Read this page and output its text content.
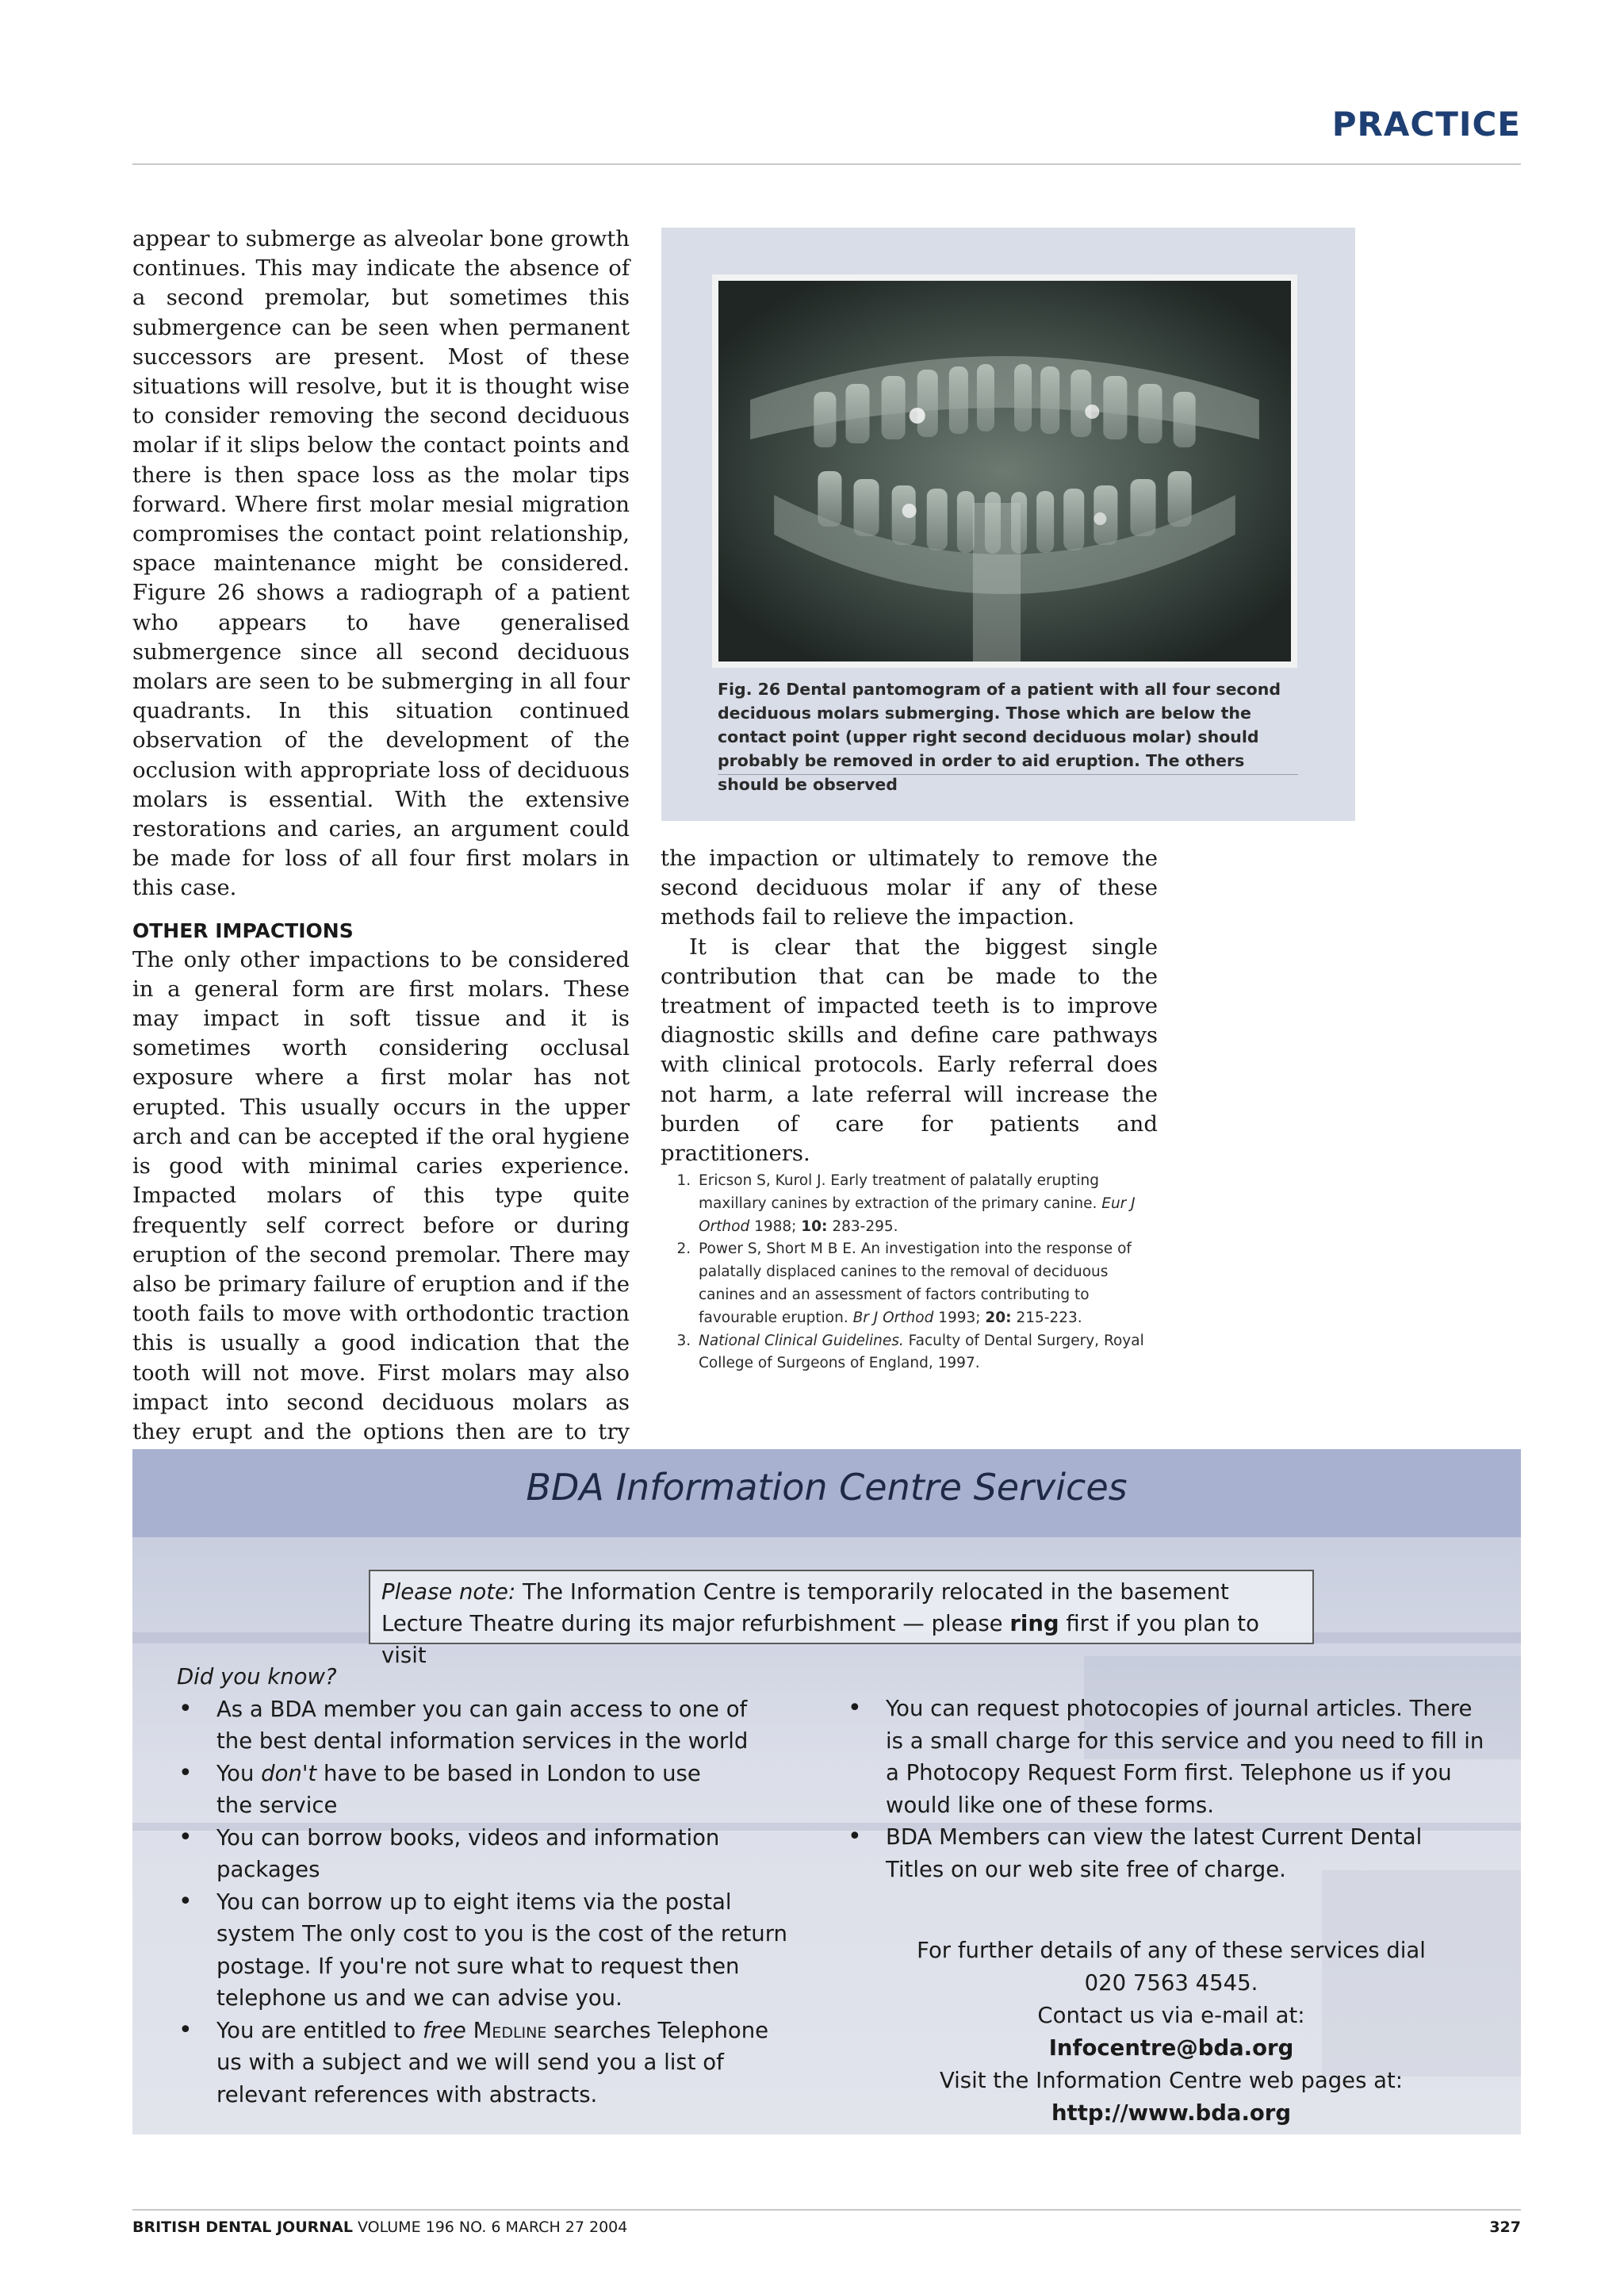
PRACTICE

appear to submerge as alveolar bone growth continues. This may indicate the absence of a second premolar, but sometimes this submergence can be seen when permanent successors are present. Most of these situations will resolve, but it is thought wise to consider removing the second deciduous molar if it slips below the contact points and there is then space loss as the molar tips forward. Where first molar mesial migration compromises the contact point relationship, space maintenance might be considered. Figure 26 shows a radiograph of a patient who appears to have generalised submergence since all second deciduous molars are seen to be submerging in all four quadrants. In this situation continued observation of the development of the occlusion with appropriate loss of deciduous molars is essential. With the extensive restorations and caries, an argument could be made for loss of all four first molars in this case.

OTHER IMPACTIONS

The only other impactions to be considered in a general form are first molars. These may impact in soft tissue and it is sometimes worth considering occlusal exposure where a first molar has not erupted. This usually occurs in the upper arch and can be accepted if the oral hygiene is good with minimal caries experience. Impacted molars of this type quite frequently self correct before or during eruption of the second premolar. There may also be primary failure of eruption and if the tooth fails to move with orthodontic traction this is usually a good indication that the tooth will not move. First molars may also impact into second deciduous molars as they erupt and the options then are to try

Fig. 26 Dental pantomogram of a patient with all four second deciduous molars submerging. Those which are below the contact point (upper right second deciduous molar) should probably be removed in order to aid eruption. The others should be observed

the impaction or ultimately to remove the second deciduous molar if any of these methods fail to relieve the impaction.

It is clear that the biggest single contribution that can be made to the treatment of impacted teeth is to improve diagnostic skills and define care pathways with clinical protocols. Early referral does not harm, a late referral will increase the burden of care for patients and practitioners.

1. Ericson S, Kurol J. Early treatment of palatally erupting maxillary canines by extraction of the primary canine. Eur J Orthod 1988; 10: 283-295.
2. Power S, Short M B E. An investigation into the response of palatally displaced canines to the removal of deciduous canines and an assessment of factors contributing to favourable eruption. Br J Orthod 1993; 20: 215-223.
3. National Clinical Guidelines. Faculty of Dental Surgery, Royal College of Surgeons of England, 1997.
BDA Information Centre Services
Please note: The Information Centre is temporarily relocated in the basement Lecture Theatre during its major refurbishment — please ring first if you plan to visit
Did you know?
• As a BDA member you can gain access to one of the best dental information services in the world
• You don't have to be based in London to use the service
• You can borrow books, videos and information packages
• You can borrow up to eight items via the postal system The only cost to you is the cost of the return postage. If you're not sure what to request then telephone us and we can advise you.
• You are entitled to free Medline searches Telephone us with a subject and we will send you a list of relevant references with abstracts.
• You can request photocopies of journal articles. There is a small charge for this service and you need to fill in a Photocopy Request Form first. Telephone us if you would like one of these forms.
• BDA Members can view the latest Current Dental Titles on our web site free of charge.
For further details of any of these services dial
020 7563 4545.
Contact us via e-mail at:
Infocentre@bda.org
Visit the Information Centre web pages at:
http://www.bda.org
BRITISH DENTAL JOURNAL VOLUME 196 NO. 6 MARCH 27 2004	327
